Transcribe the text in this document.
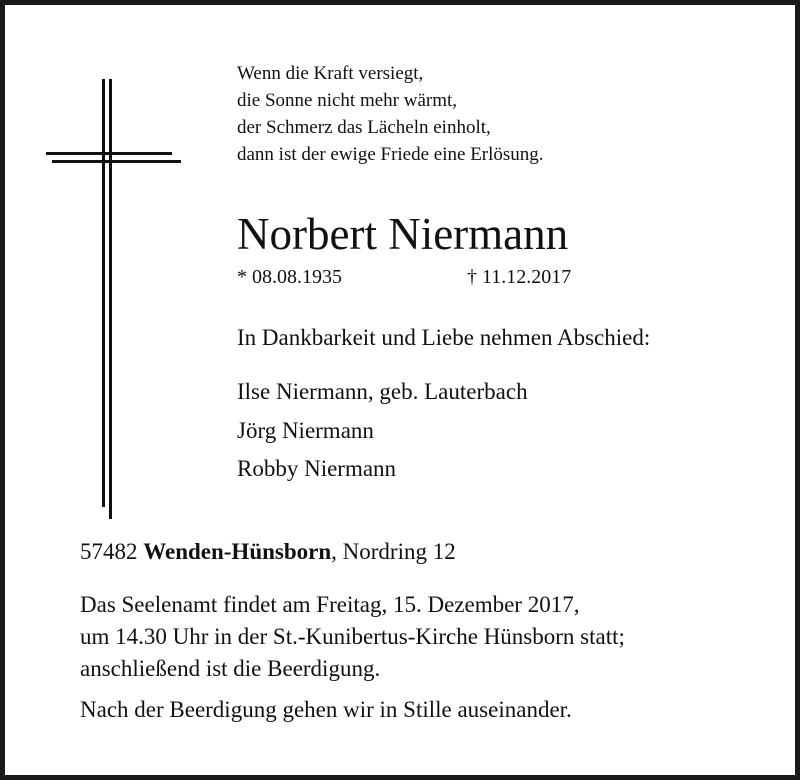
Wenn die Kraft versiegt,
die Sonne nicht mehr wärmt,
der Schmerz das Lächeln einholt,
dann ist der ewige Friede eine Erlösung.
Norbert Niermann
* 08.08.1935	† 11.12.2017
In Dankbarkeit und Liebe nehmen Abschied:
Ilse Niermann, geb. Lauterbach
Jörg Niermann
Robby Niermann
57482 Wenden-Hünsborn, Nordring 12
Das Seelenamt findet am Freitag, 15. Dezember 2017,
um 14.30 Uhr in der St.-Kunibertus-Kirche Hünsborn statt;
anschließend ist die Beerdigung.
Nach der Beerdigung gehen wir in Stille auseinander.
